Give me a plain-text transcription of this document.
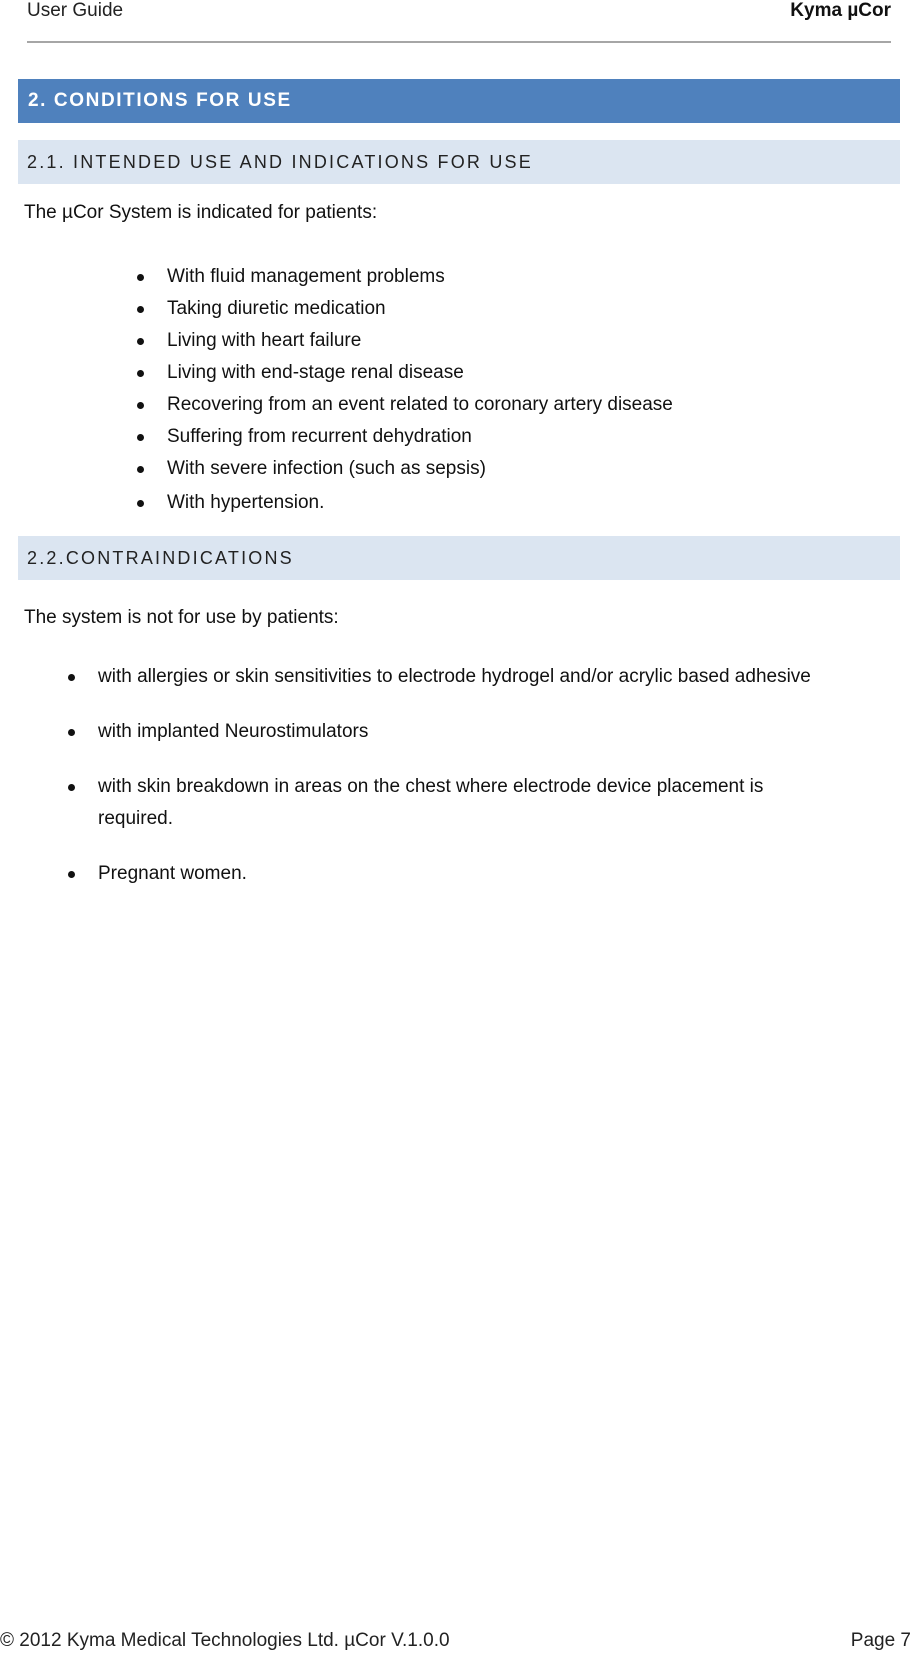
User Guide	Kyma µCor
2. CONDITIONS FOR USE
2.1. INTENDED USE AND INDICATIONS FOR USE
The µCor System is indicated for patients:
With fluid management problems
Taking diuretic medication
Living with heart failure
Living with end-stage renal disease
Recovering from an event related to coronary artery disease
Suffering from recurrent dehydration
With severe infection (such as sepsis)
With hypertension.
2.2.CONTRAINDICATIONS
The system is not for use by patients:
with allergies or skin sensitivities to electrode hydrogel and/or acrylic based adhesive
with implanted Neurostimulators
with skin breakdown in areas on the chest where electrode device placement is required.
Pregnant women.
© 2012 Kyma Medical Technologies Ltd. µCor V.1.0.0	Page 7
